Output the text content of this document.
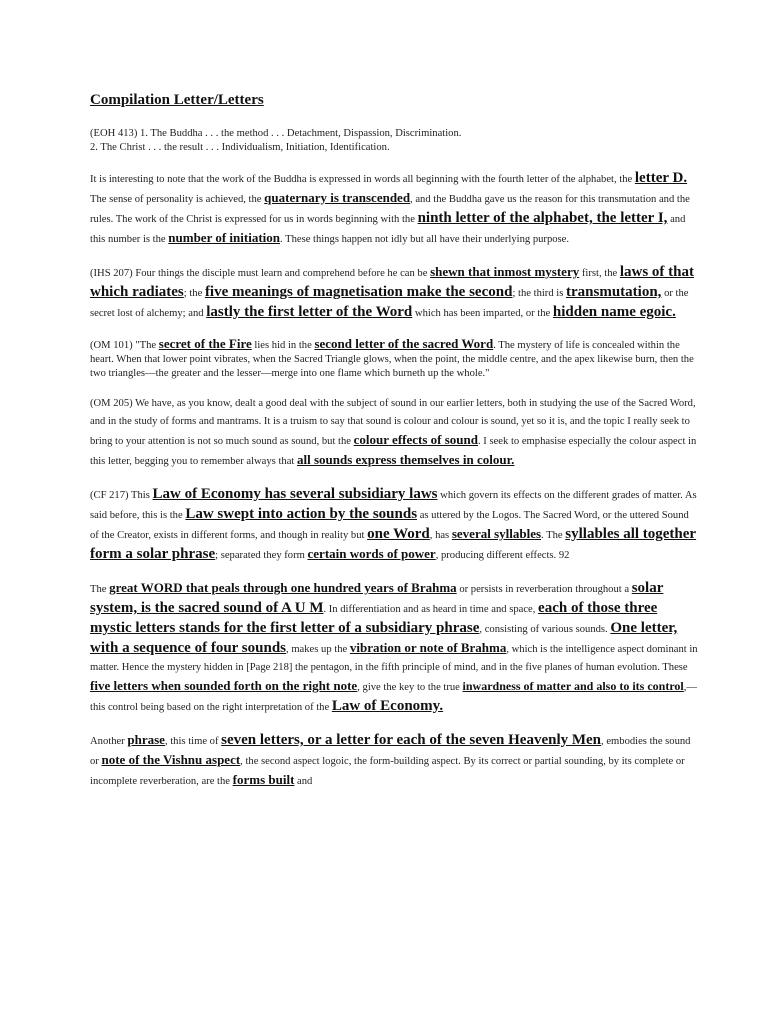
Compilation Letter/Letters

(EOH 413) 1. The Buddha . . . the method . . . Detachment, Dispassion, Discrimination.
2. The Christ . . . the result . . . Individualism, Initiation, Identification.

It is interesting to note that the work of the Buddha is expressed in words all beginning with the fourth letter of the alphabet, the letter D. The sense of personality is achieved, the quaternary is transcended, and the Buddha gave us the reason for this transmutation and the rules. The work of the Christ is expressed for us in words beginning with the ninth letter of the alphabet, the letter I, and this number is the number of initiation. These things happen not idly but all have their underlying purpose.

(IHS 207) Four things the disciple must learn and comprehend before he can be shewn that inmost mystery first, the laws of that which radiates; the five meanings of magnetisation make the second; the third is transmutation, or the secret lost of alchemy; and lastly the first letter of the Word which has been imparted, or the hidden name egoic.

(OM 101) "The secret of the Fire lies hid in the second letter of the sacred Word. The mystery of life is concealed within the heart. When that lower point vibrates, when the Sacred Triangle glows, when the point, the middle centre, and the apex likewise burn, then the two triangles—the greater and the lesser—merge into one flame which burneth up the whole."

(OM 205) We have, as you know, dealt a good deal with the subject of sound in our earlier letters, both in studying the use of the Sacred Word, and in the study of forms and mantrams. It is a truism to say that sound is colour and colour is sound, yet so it is, and the topic I really seek to bring to your attention is not so much sound as sound, but the colour effects of sound. I seek to emphasise especially the colour aspect in this letter, begging you to remember always that all sounds express themselves in colour.

(CF 217) This Law of Economy has several subsidiary laws which govern its effects on the different grades of matter. As said before, this is the Law swept into action by the sounds as uttered by the Logos. The Sacred Word, or the uttered Sound of the Creator, exists in different forms, and though in reality but one Word, has several syllables. The syllables all together form a solar phrase; separated they form certain words of power, producing different effects. 92

The great WORD that peals through one hundred years of Brahma or persists in reverberation throughout a solar system, is the sacred sound of A U M. In differentiation and as heard in time and space, each of those three mystic letters stands for the first letter of a subsidiary phrase, consisting of various sounds. One letter, with a sequence of four sounds, makes up the vibration or note of Brahma, which is the intelligence aspect dominant in matter. Hence the mystery hidden in [Page 218] the pentagon, in the fifth principle of mind, and in the five planes of human evolution. These five letters when sounded forth on the right note, give the key to the true inwardness of matter and also to its control,—this control being based on the right interpretation of the Law of Economy.

Another phrase, this time of seven letters, or a letter for each of the seven Heavenly Men, embodies the sound or note of the Vishnu aspect, the second aspect logoic, the form-building aspect. By its correct or partial sounding, by its complete or incomplete reverberation, are the forms built and
